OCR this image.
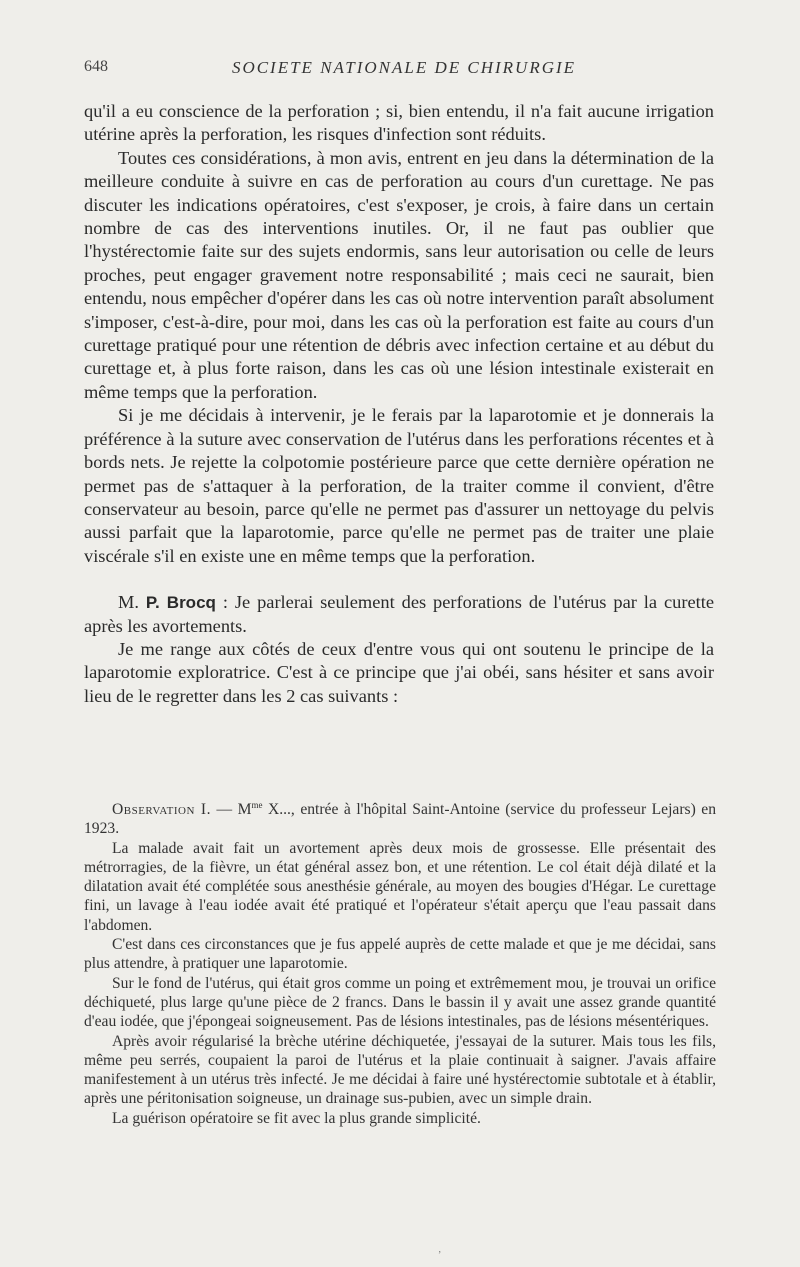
648	SOCIETE NATIONALE DE CHIRURGIE

qu'il a eu conscience de la perforation ; si, bien entendu, il n'a fait aucune irrigation utérine après la perforation, les risques d'infection sont réduits.

Toutes ces considérations, à mon avis, entrent en jeu dans la détermination de la meilleure conduite à suivre en cas de perforation au cours d'un curettage. Ne pas discuter les indications opératoires, c'est s'exposer, je crois, à faire dans un certain nombre de cas des interventions inutiles. Or, il ne faut pas oublier que l'hystérectomie faite sur des sujets endormis, sans leur autorisation ou celle de leurs proches, peut engager gravement notre responsabilité ; mais ceci ne saurait, bien entendu, nous empêcher d'opérer dans les cas où notre intervention paraît absolument s'imposer, c'est-à-dire, pour moi, dans les cas où la perforation est faite au cours d'un curettage pratiqué pour une rétention de débris avec infection certaine et au début du curettage et, à plus forte raison, dans les cas où une lésion intestinale existerait en même temps que la perforation.

Si je me décidais à intervenir, je le ferais par la laparotomie et je donnerais la préférence à la suture avec conservation de l'utérus dans les perforations récentes et à bords nets. Je rejette la colpotomie postérieure parce que cette dernière opération ne permet pas de s'attaquer à la perforation, de la traiter comme il convient, d'être conservateur au besoin, parce qu'elle ne permet pas d'assurer un nettoyage du pelvis aussi parfait que la laparotomie, parce qu'elle ne permet pas de traiter une plaie viscérale s'il en existe une en même temps que la perforation.

M. P. Brocq : Je parlerai seulement des perforations de l'utérus par la curette après les avortements.

Je me range aux côtés de ceux d'entre vous qui ont soutenu le principe de la laparotomie exploratrice. C'est à ce principe que j'ai obéi, sans hésiter et sans avoir lieu de le regretter dans les 2 cas suivants :

Observation I. — $M^{me}$ X..., entrée à l'hôpital Saint-Antoine (service du professeur Lejars) en 1923.

La malade avait fait un avortement après deux mois de grossesse. Elle présentait des métrorragies, de la fièvre, un état général assez bon, et une rétention. Le col était déjà dilaté et la dilatation avait été complétée sous anesthésie générale, au moyen des bougies d'Hégar. Le curettage fini, un lavage à l'eau iodée avait été pratiqué et l'opérateur s'était aperçu que l'eau passait dans l'abdomen.

C'est dans ces circonstances que je fus appelé auprès de cette malade et que je me décidai, sans plus attendre, à pratiquer une laparotomie.

Sur le fond de l'utérus, qui était gros comme un poing et extrêmement mou, je trouvai un orifice déchiqueté, plus large qu'une pièce de 2 francs. Dans le bassin il y avait une assez grande quantité d'eau iodée, que j'épongeai soigneusement. Pas de lésions intestinales, pas de lésions mésentériques.

Après avoir régularisé la brèche utérine déchiquetée, j'essayai de la suturer. Mais tous les fils, même peu serrés, coupaient la paroi de l'utérus et la plaie continuait à saigner. J'avais affaire manifestement à un utérus très infecté. Je me décidai à faire uné hystérectomie subtotale et à établir, après une péritonisation soigneuse, un drainage sus-pubien, avec un simple drain.

La guérison opératoire se fit avec la plus grande simplicité.

‚
